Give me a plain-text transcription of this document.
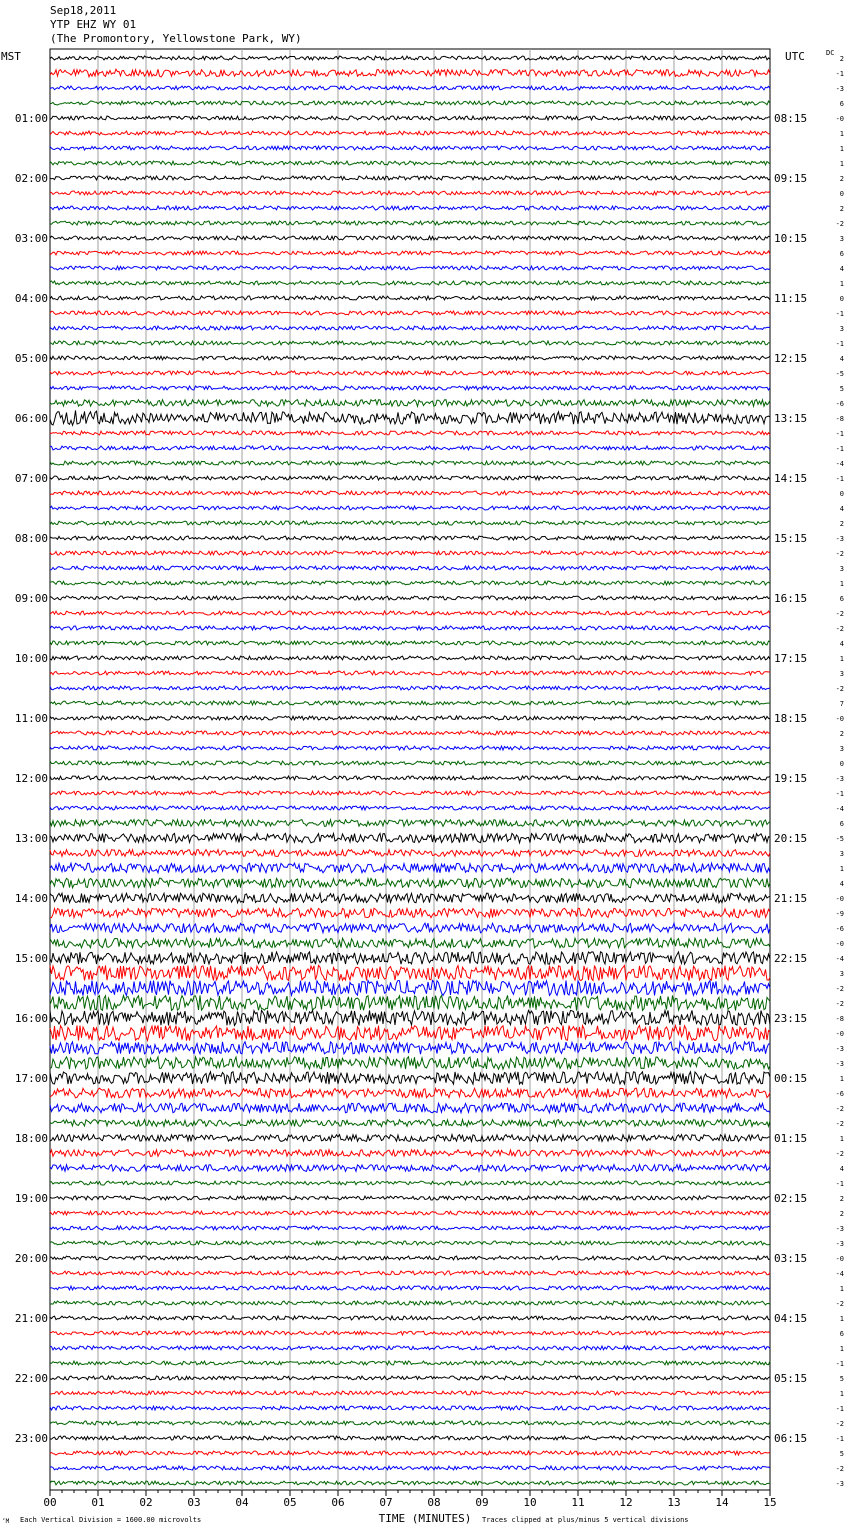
Sep18,2011
YTP EHZ WY 01
(The Promontory, Yellowstone Park, WY)
MST	UTC	DC
00	01	02	03	04	05	06	07	08	09	10	11	12	13	14	15
2
-1
-3
6
-0
1
1
1
2
0
2
-2
3
6
4
1
0
-1
3
-1
4
-5
5
-6
-8
-1
-1
-4
-1
0
4
2
-3
-2
3
1
6
-2
-2
4
1
3
-2
7
-0
2
3
0
-3
-1
-4
6
-5
3
1
4
-0
-9
-6
-0
-4
3
-2
-2
-8
-0
-3
-3
1
-6
-2
-2
1
-2
4
-1
2
2
-3
-3
-0
-4
1
-2
1
6
1
-1
5
1
-1
-2
-1
5
-2
-3
01:00	08:15
02:00	09:15
03:00	10:15
04:00	11:15
05:00	12:15
06:00	13:15
07:00	14:15
08:00	15:15
09:00	16:15
10:00	17:15
11:00	18:15
12:00	19:15
13:00	20:15
14:00	21:15
15:00	22:15
16:00	23:15
17:00	00:15
18:00	01:15
19:00	02:15
20:00	03:15
21:00	04:15
22:00	05:15
23:00	06:15
TIME (MINUTES)
‘M Each Vertical Division = 1600.00 microvolts	Traces clipped at plus/minus 5 vertical divisions
